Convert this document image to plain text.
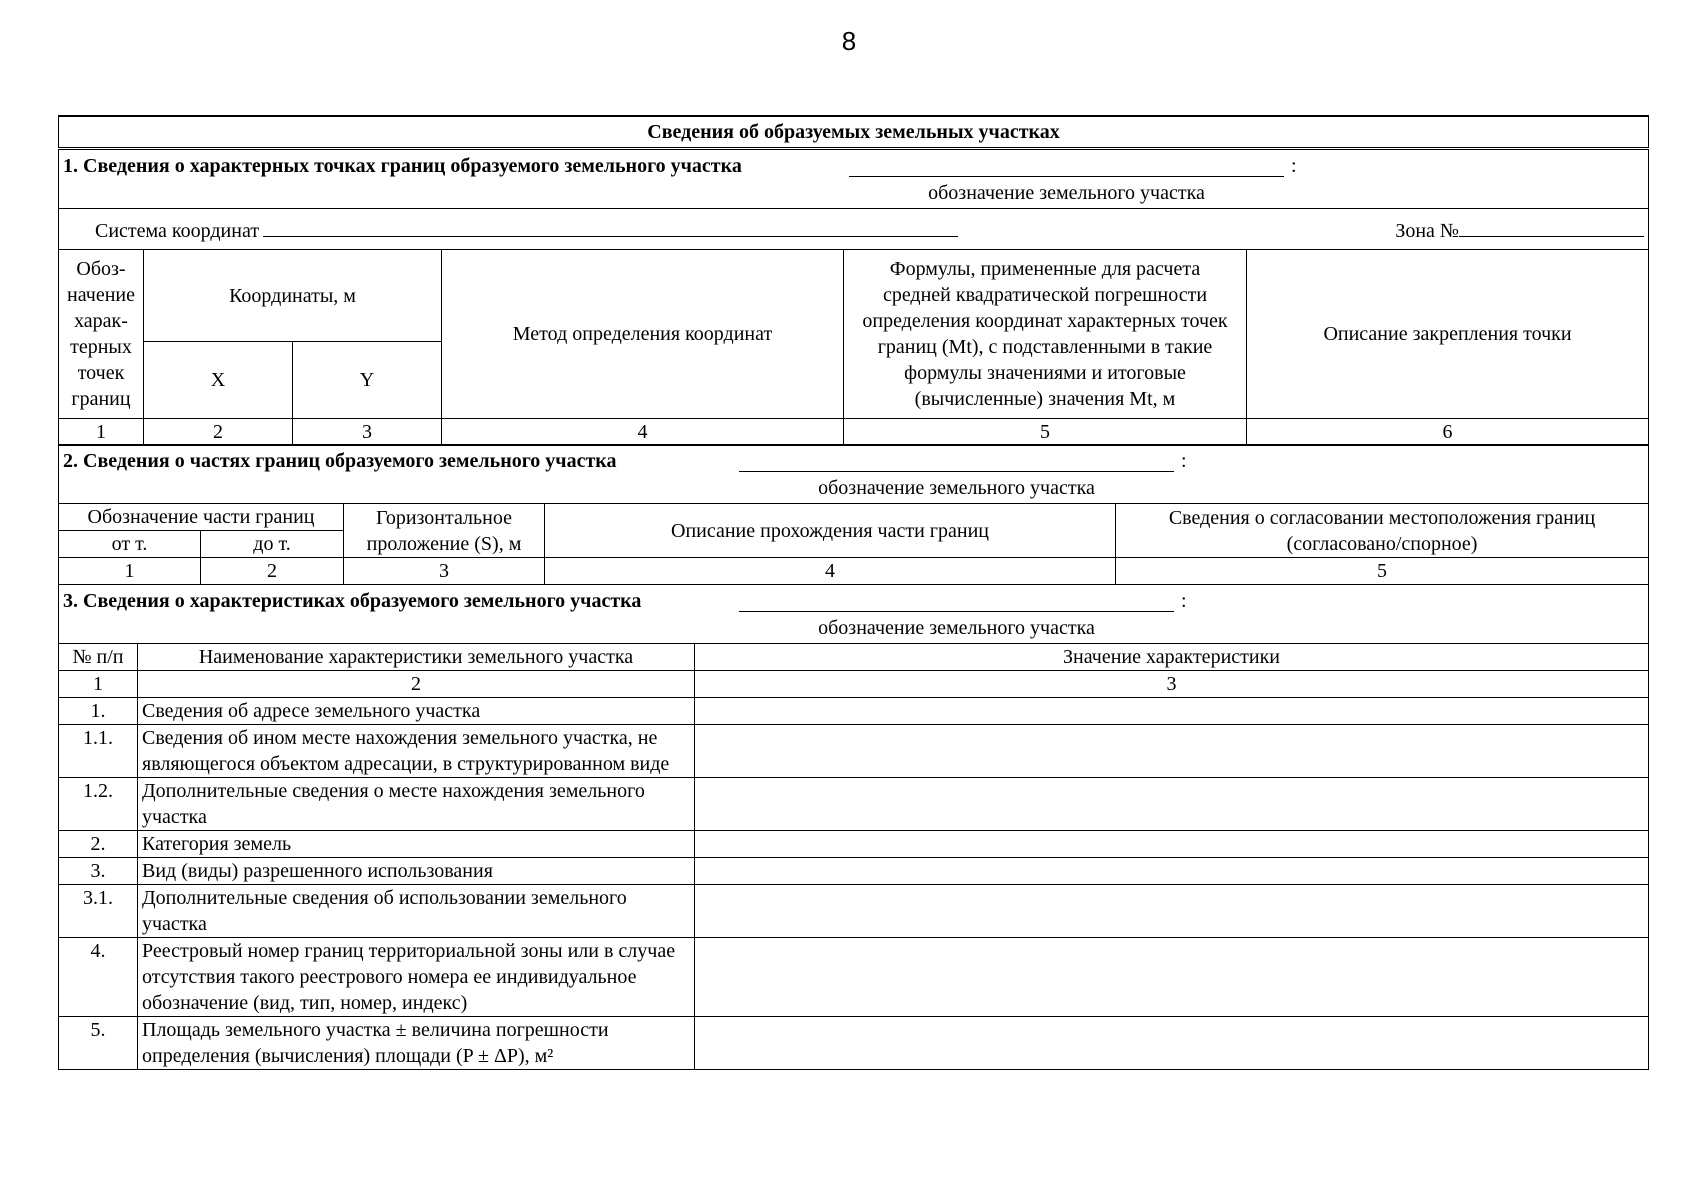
8
Сведения об образуемых земельных участках					

1. Сведения о характерных точках границ образуемого земельного участка :
обозначение земельного участка					

Система координат Зона №					

Обоз- начение харак- терных точек границ	Координаты, м		Метод определения координат	Формулы, примененные для расчета средней квадратической погрешности определения координат характерных точек границ (Mt), с подставленными в такие формулы значениями и итоговые (вычисленные) значения Mt, м	Описание закрепления точки
	X	Y			
1	2	3	4	5	6
2. Сведения о частях границ образуемого земельного участка :
обозначение земельного участка				

Обозначение части границ		Горизонтальное проложение (S), м	Описание прохождения части границ	Сведения о согласовании местоположения границ (согласовано/спорное)
от т.	до т.			
1	2	3	4	5
3. Сведения о характеристиках образуемого земельного участка :
обозначение земельного участка		

№ п/п	Наименование характеристики земельного участка	Значение характеристики
1	2	3
1.	Сведения об адресе земельного участка	
1.1.	Сведения об ином месте нахождения земельного участка, не являющегося объектом адресации, в структурированном виде	
1.2.	Дополнительные сведения о месте нахождения земельного участка	
2.	Категория земель	
3.	Вид (виды) разрешенного использования	
3.1.	Дополнительные сведения об использовании земельного участка	
4.	Реестровый номер границ территориальной зоны или в случае отсутствия такого реестрового номера ее индивидуальное обозначение (вид, тип, номер, индекс)	
5.	Площадь земельного участка ± величина погрешности определения (вычисления) площади (P ± ΔP), м²	
